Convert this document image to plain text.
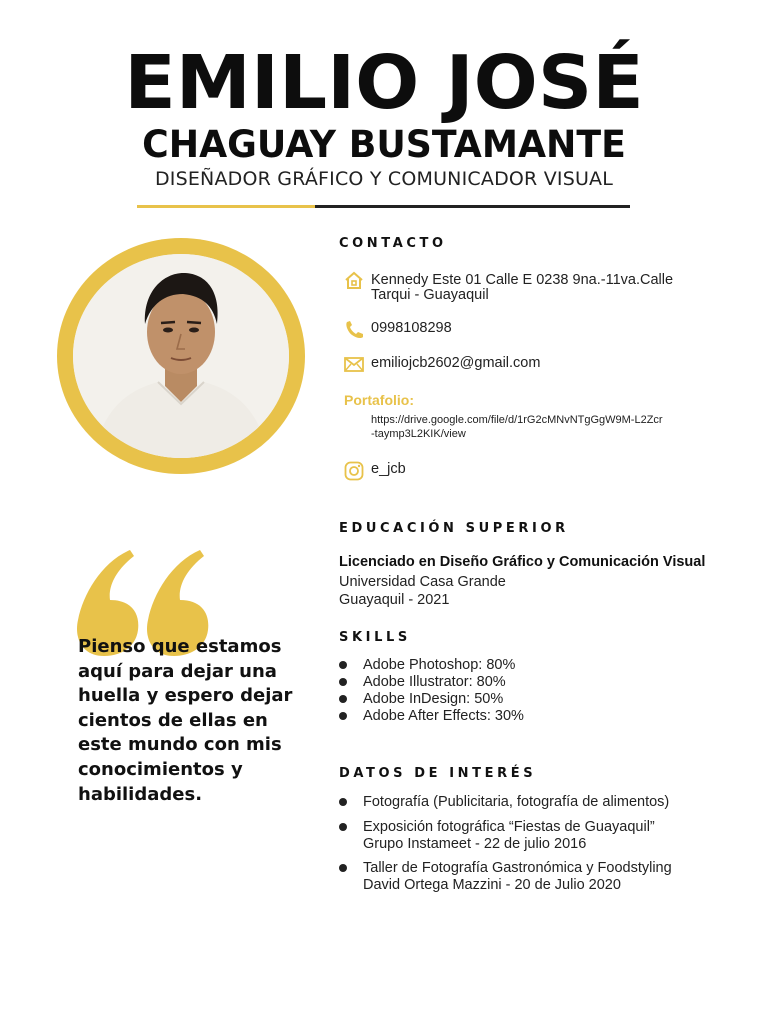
EMILIO JOSÉ
CHAGUAY BUSTAMANTE
DISEÑADOR GRÁFICO Y COMUNICADOR VISUAL
CONTACTO
Kennedy Este 01 Calle E 0238 9na.-11va.Calle
Tarqui - Guayaquil
0998108298
emiliojcb2602@gmail.com
Portafolio:
https://drive.google.com/file/d/1rG2cMNvNTgGgW9M-L2Zcr
-taymp3L2KIK/view
e_jcb
Pienso que estamos aquí para dejar una huella y espero dejar cientos de ellas en este mundo con mis conocimientos y habilidades.
EDUCACIÓN SUPERIOR
Licenciado en Diseño Gráfico y Comunicación Visual
Universidad Casa Grande
Guayaquil - 2021
SKILLS
Adobe Photoshop: 80%
Adobe Illustrator: 80%
Adobe InDesign: 50%
Adobe After Effects: 30%
DATOS DE INTERÉS
Fotografía (Publicitaria, fotografía de alimentos)
Exposición fotográfica “Fiestas de Guayaquil”
Grupo Instameet - 22 de julio 2016
Taller de Fotografía Gastronómica y Foodstyling
David Ortega Mazzini - 20 de Julio 2020
